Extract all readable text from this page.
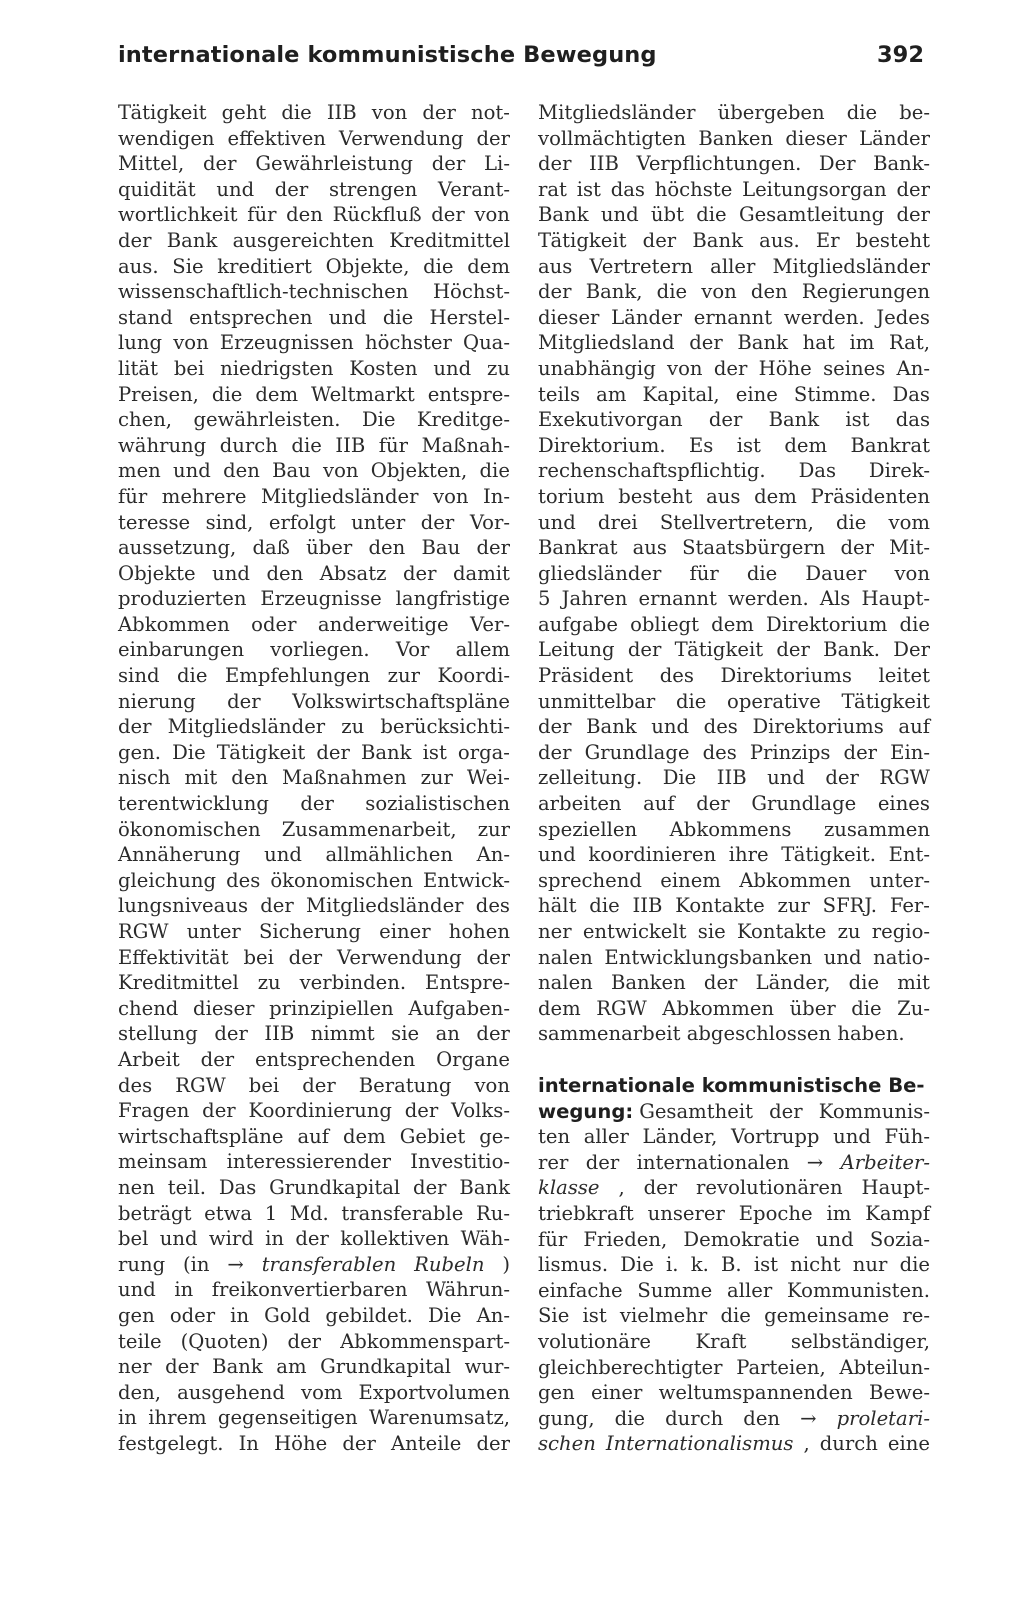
internationale kommunistische Bewegung	392
Tätigkeit geht die IIB von der not-
wendigen effektiven Verwendung der
Mittel, der Gewährleistung der Li-
quidität und der strengen Verant-
wortlichkeit für den Rückfluß der von
der Bank ausgereichten Kreditmittel
aus. Sie kreditiert Objekte, die dem
wissenschaftlich-technischen Höchst-
stand entsprechen und die Herstel-
lung von Erzeugnissen höchster Qua-
lität bei niedrigsten Kosten und zu
Preisen, die dem Weltmarkt entspre-
chen, gewährleisten. Die Kreditge-
währung durch die IIB für Maßnah-
men und den Bau von Objekten, die
für mehrere Mitgliedsländer von In-
teresse sind, erfolgt unter der Vor-
aussetzung, daß über den Bau der
Objekte und den Absatz der damit
produzierten Erzeugnisse langfristige
Abkommen oder anderweitige Ver-
einbarungen vorliegen. Vor allem
sind die Empfehlungen zur Koordi-
nierung der Volkswirtschaftspläne
der Mitgliedsländer zu berücksichti-
gen. Die Tätigkeit der Bank ist orga-
nisch mit den Maßnahmen zur Wei-
terentwicklung der sozialistischen
ökonomischen Zusammenarbeit, zur
Annäherung und allmählichen An-
gleichung des ökonomischen Entwick-
lungsniveaus der Mitgliedsländer des
RGW unter Sicherung einer hohen
Effektivität bei der Verwendung der
Kreditmittel zu verbinden. Entspre-
chend dieser prinzipiellen Aufgaben-
stellung der IIB nimmt sie an der
Arbeit der entsprechenden Organe
des RGW bei der Beratung von
Fragen der Koordinierung der Volks-
wirtschaftspläne auf dem Gebiet ge-
meinsam interessierender Investitio-
nen teil. Das Grundkapital der Bank
beträgt etwa 1 Md. transferable Ru-
bel und wird in der kollektiven Wäh-
rung (in → transferablen Rubeln )
und in freikonvertierbaren Währun-
gen oder in Gold gebildet. Die An-
teile (Quoten) der Abkommenspart-
ner der Bank am Grundkapital wur-
den, ausgehend vom Exportvolumen
in ihrem gegenseitigen Warenumsatz,
festgelegt. In Höhe der Anteile der
Mitgliedsländer übergeben die be-
vollmächtigten Banken dieser Länder
der IIB Verpflichtungen. Der Bank-
rat ist das höchste Leitungsorgan der
Bank und übt die Gesamtleitung der
Tätigkeit der Bank aus. Er besteht
aus Vertretern aller Mitgliedsländer
der Bank, die von den Regierungen
dieser Länder ernannt werden. Jedes
Mitgliedsland der Bank hat im Rat,
unabhängig von der Höhe seines An-
teils am Kapital, eine Stimme. Das
Exekutivorgan der Bank ist das
Direktorium. Es ist dem Bankrat
rechenschaftspflichtig. Das Direk-
torium besteht aus dem Präsidenten
und drei Stellvertretern, die vom
Bankrat aus Staatsbürgern der Mit-
gliedsländer für die Dauer von
5 Jahren ernannt werden. Als Haupt-
aufgabe obliegt dem Direktorium die
Leitung der Tätigkeit der Bank. Der
Präsident des Direktoriums leitet
unmittelbar die operative Tätigkeit
der Bank und des Direktoriums auf
der Grundlage des Prinzips der Ein-
zelleitung. Die IIB und der RGW
arbeiten auf der Grundlage eines
speziellen Abkommens zusammen
und koordinieren ihre Tätigkeit. Ent-
sprechend einem Abkommen unter-
hält die IIB Kontakte zur SFRJ. Fer-
ner entwickelt sie Kontakte zu regio-
nalen Entwicklungsbanken und natio-
nalen Banken der Länder, die mit
dem RGW Abkommen über die Zu-
sammenarbeit abgeschlossen haben.
internationale kommunistische Be-
wegung: Gesamtheit der Kommunis-
ten aller Länder, Vortrupp und Füh-
rer der internationalen → Arbeiter-
klasse , der revolutionären Haupt-
triebkraft unserer Epoche im Kampf
für Frieden, Demokratie und Sozia-
lismus. Die i. k. B. ist nicht nur die
einfache Summe aller Kommunisten.
Sie ist vielmehr die gemeinsame re-
volutionäre Kraft selbständiger,
gleichberechtigter Parteien, Abteilun-
gen einer weltumspannenden Bewe-
gung, die durch den → proletari-
schen Internationalismus , durch eine
